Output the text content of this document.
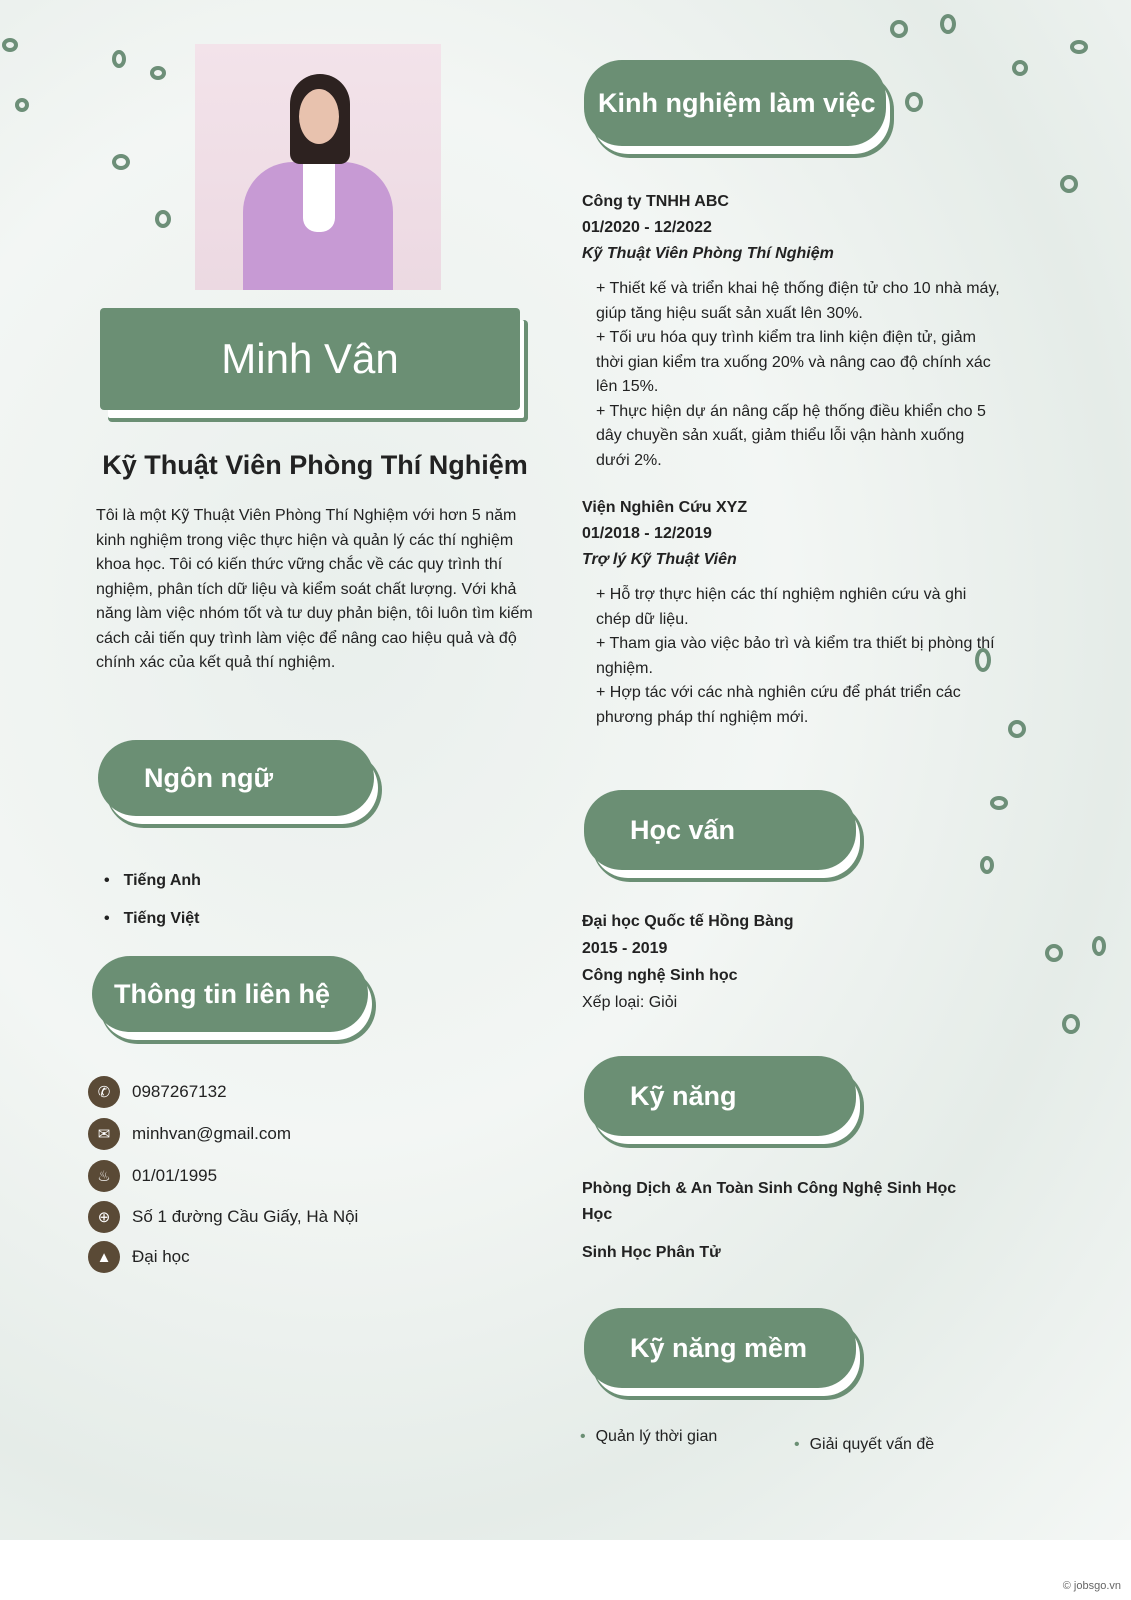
Minh Vân
Kỹ Thuật Viên Phòng Thí Nghiệm
Tôi là một Kỹ Thuật Viên Phòng Thí Nghiệm với hơn 5 năm kinh nghiệm trong việc thực hiện và quản lý các thí nghiệm khoa học. Tôi có kiến thức vững chắc về các quy trình thí nghiệm, phân tích dữ liệu và kiểm soát chất lượng. Với khả năng làm việc nhóm tốt và tư duy phản biện, tôi luôn tìm kiếm cách cải tiến quy trình làm việc để nâng cao hiệu quả và độ chính xác của kết quả thí nghiệm.
Ngôn ngữ
• Tiếng Anh
• Tiếng Việt
Thông tin liên hệ
✆	0987267132
✉	minhvan@gmail.com
♨	01/01/1995
⊕	Số 1 đường Cầu Giấy, Hà Nội
▲	Đại học
Kinh nghiệm làm việc
Công ty TNHH ABC
01/2020 - 12/2022
Kỹ Thuật Viên Phòng Thí Nghiệm
+ Thiết kế và triển khai hệ thống điện tử cho 10 nhà máy, giúp tăng hiệu suất sản xuất lên 30%.
+ Tối ưu hóa quy trình kiểm tra linh kiện điện tử, giảm thời gian kiểm tra xuống 20% và nâng cao độ chính xác lên 15%.
+ Thực hiện dự án nâng cấp hệ thống điều khiển cho 5 dây chuyền sản xuất, giảm thiểu lỗi vận hành xuống dưới 2%.
Viện Nghiên Cứu XYZ
01/2018 - 12/2019
Trợ lý Kỹ Thuật Viên
+ Hỗ trợ thực hiện các thí nghiệm nghiên cứu và ghi chép dữ liệu.
+ Tham gia vào việc bảo trì và kiểm tra thiết bị phòng thí nghiệm.
+ Hợp tác với các nhà nghiên cứu để phát triển các phương pháp thí nghiệm mới.
Học vấn
Đại học Quốc tế Hồng Bàng
2015 - 2019
Công nghệ Sinh học
Xếp loại: Giỏi
Kỹ năng
Phòng Dịch & An Toàn Sinh Công Nghệ Sinh Học Học
Sinh Học Phân Tử
Kỹ năng mềm
• Quản lý thời gian	• Giải quyết vấn đề
© jobsgo.vn
